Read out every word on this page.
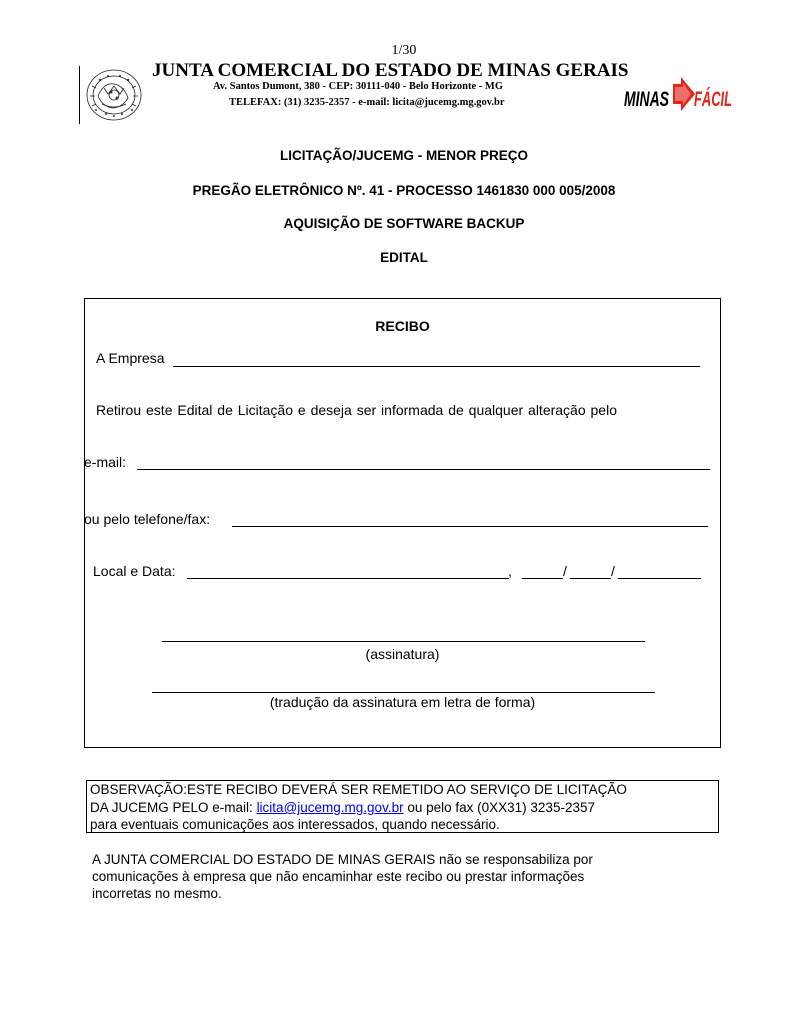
1/30
JUNTA COMERCIAL DO ESTADO DE MINAS GERAIS
Av. Santos Dumont, 380 - CEP: 30111-040 - Belo Horizonte - MG
TELEFAX: (31) 3235-2357 - e-mail: licita@jucemg.mg.gov.br	MINAS FÁCIL
LICITAÇÃO/JUCEMG - MENOR PREÇO
PREGÃO ELETRÔNICO Nº. 41 - PROCESSO 1461830 000 005/2008
AQUISIÇÃO DE SOFTWARE BACKUP
EDITAL
RECIBO
A Empresa
Retirou este Edital de Licitação e deseja ser informada de qualquer alteração pelo
e-mail:
ou pelo telefone/fax:
Local e Data:	,	/	/
(assinatura)
(tradução da assinatura em letra de forma)
OBSERVAÇÃO:ESTE RECIBO DEVERÁ SER REMETIDO AO SERVIÇO DE LICITAÇÃO
DA JUCEMG PELO e-mail: licita@jucemg.mg.gov.br ou pelo fax (0XX31) 3235-2357
para eventuais comunicações aos interessados, quando necessário.
A JUNTA COMERCIAL DO ESTADO DE MINAS GERAIS não se responsabiliza por
comunicações à empresa que não encaminhar este recibo ou prestar informações
incorretas no mesmo.
